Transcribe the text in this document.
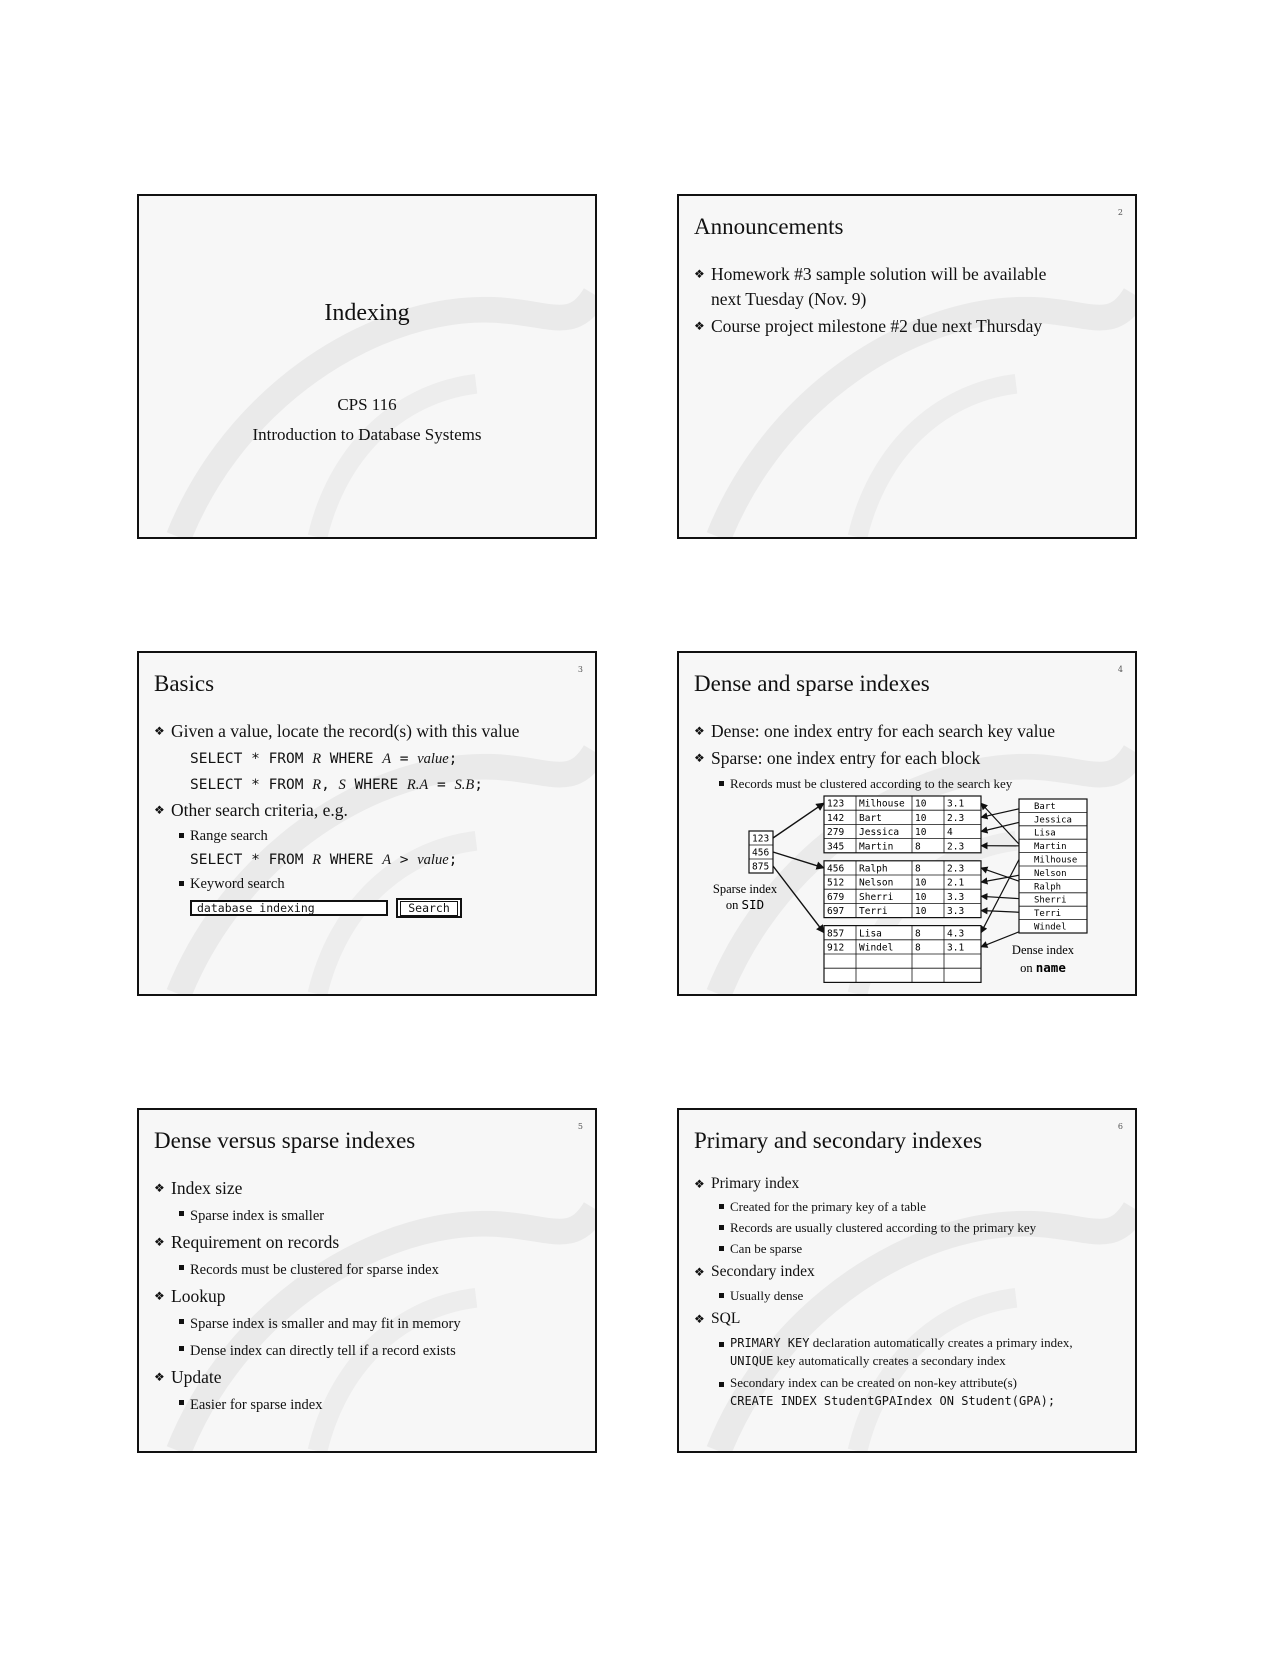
Indexing
CPS 116
Introduction to Database Systems
2
Announcements
❖ Homework #3 sample solution will be available
next Tuesday (Nov. 9)
❖ Course project milestone #2 due next Thursday
3
Basics
❖ Given a value, locate the record(s) with this value
SELECT * FROM R WHERE A = value;
SELECT * FROM R, S WHERE R.A = S.B;
❖ Other search criteria, e.g.
Range search
SELECT * FROM R WHERE A > value;
Keyword search
database indexing	Search
4
Dense and sparse indexes
❖ Dense: one index entry for each search key value
❖ Sparse: one index entry for each block
Records must be clustered according to the search key
123
456
875
123 Milhouse 10 3.1
142 Bart	10 2.3
279 Jessica 10 4
345 Martin 8	2.3
456 Ralph	8	2.3
512 Nelson 10 2.1
679 Sherri 10 3.3
697 Terri	10 3.3
857 Lisa	8	4.3
912 Windel 8	3.1
Bart
Jessica
Lisa
Martin
Milhouse
Nelson
Ralph
Sherri
Terri
Windel
Sparse index
on SID
Dense index
on name
5
Dense versus sparse indexes
❖ Index size
Sparse index is smaller
❖ Requirement on records
Records must be clustered for sparse index
❖ Lookup
Sparse index is smaller and may fit in memory
Dense index can directly tell if a record exists
❖ Update
Easier for sparse index
6
Primary and secondary indexes
❖ Primary index
Created for the primary key of a table
Records are usually clustered according to the primary key
Can be sparse
❖ Secondary index
Usually dense
❖ SQL
PRIMARY KEY declaration automatically creates a primary index,
UNIQUE key automatically creates a secondary index
Secondary index can be created on non-key attribute(s)
CREATE INDEX StudentGPAIndex ON Student(GPA);
